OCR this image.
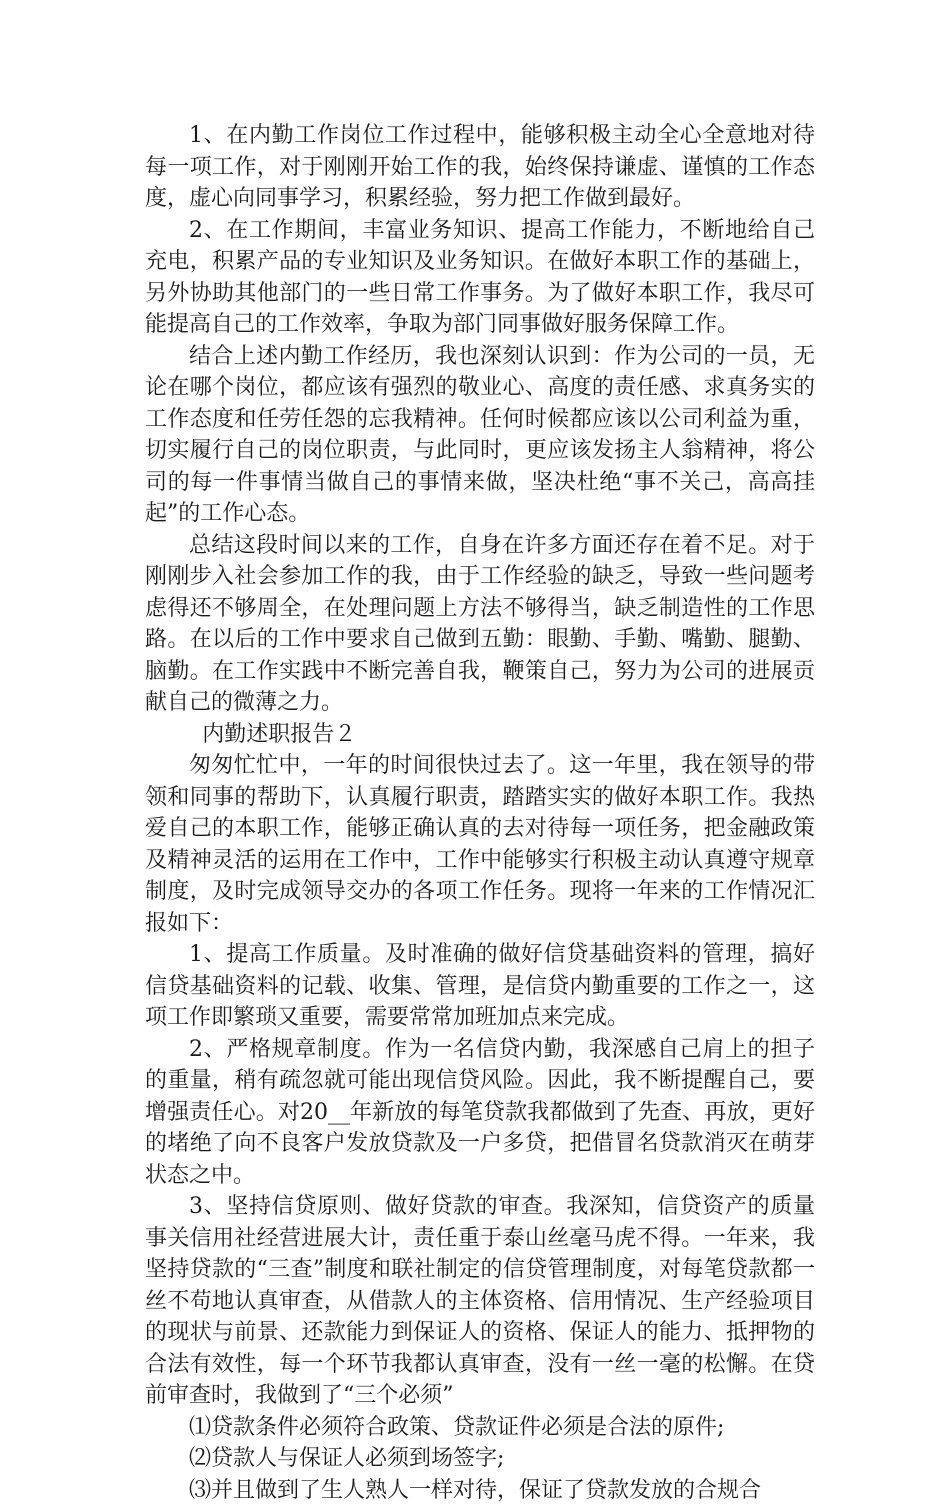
1、在内勤工作岗位工作过程中，能够积极主动全心全意地对待每一项工作，对于刚刚开始工作的我，始终保持谦虚、谨慎的工作态度，虚心向同事学习，积累经验，努力把工作做到最好。

2、在工作期间，丰富业务知识、提高工作能力，不断地给自己充电，积累产品的专业知识及业务知识。在做好本职工作的基础上，另外协助其他部门的一些日常工作事务。为了做好本职工作，我尽可能提高自己的工作效率，争取为部门同事做好服务保障工作。

结合上述内勤工作经历，我也深刻认识到：作为公司的一员，无论在哪个岗位，都应该有强烈的敬业心、高度的责任感、求真务实的工作态度和任劳任怨的忘我精神。任何时候都应该以公司利益为重，切实履行自己的岗位职责，与此同时，更应该发扬主人翁精神，将公司的每一件事情当做自己的事情来做，坚决杜绝“事不关己，高高挂起”的工作心态。

总结这段时间以来的工作，自身在许多方面还存在着不足。对于刚刚步入社会参加工作的我，由于工作经验的缺乏，导致一些问题考虑得还不够周全，在处理问题上方法不够得当，缺乏制造性的工作思路。在以后的工作中要求自己做到五勤：眼勤、手勤、嘴勤、腿勤、脑勤。在工作实践中不断完善自我，鞭策自己，努力为公司的进展贡献自己的微薄之力。

内勤述职报告２

匆匆忙忙中，一年的时间很快过去了。这一年里，我在领导的带领和同事的帮助下，认真履行职责，踏踏实实的做好本职工作。我热爱自己的本职工作，能够正确认真的去对待每一项任务，把金融政策及精神灵活的运用在工作中，工作中能够实行积极主动认真遵守规章制度，及时完成领导交办的各项工作任务。现将一年来的工作情况汇报如下：

1、提高工作质量。及时准确的做好信贷基础资料的管理，搞好信贷基础资料的记载、收集、管理，是信贷内勤重要的工作之一，这项工作即繁琐又重要，需要常常加班加点来完成。

2、严格规章制度。作为一名信贷内勤，我深感自己肩上的担子的重量，稍有疏忽就可能出现信贷风险。因此，我不断提醒自己，要增强责任心。对20__年新放的每笔贷款我都做到了先查、再放，更好的堵绝了向不良客户发放贷款及一户多贷，把借冒名贷款消灭在萌芽状态之中。

3、坚持信贷原则、做好贷款的审查。我深知，信贷资产的质量事关信用社经营进展大计，责任重于泰山丝毫马虎不得。一年来，我坚持贷款的“三查”制度和联社制定的信贷管理制度，对每笔贷款都一丝不苟地认真审查，从借款人的主体资格、信用情况、生产经验项目的现状与前景、还款能力到保证人的资格、保证人的能力、抵押物的合法有效性，每一个环节我都认真审查，没有一丝一毫的松懈。在贷前审查时，我做到了“三个必须”

⑴贷款条件必须符合政策、贷款证件必须是合法的原件;

⑵贷款人与保证人必须到场签字;

⑶并且做到了生人熟人一样对待，保证了贷款发放的合规合
